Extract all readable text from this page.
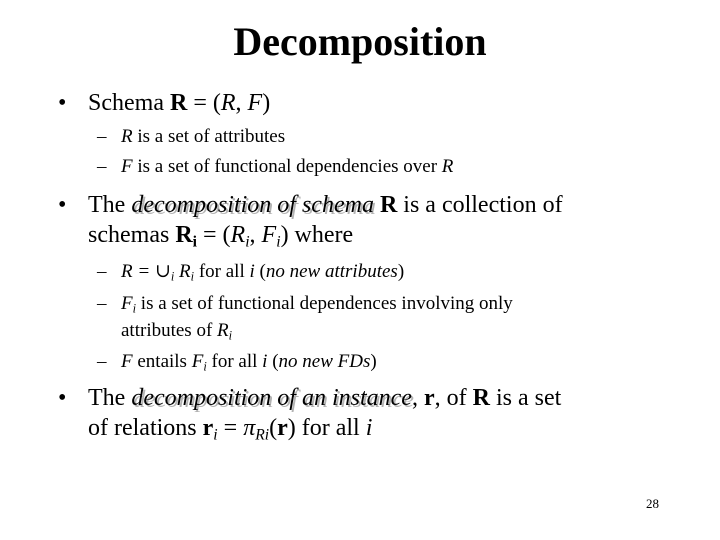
Decomposition
• Schema R = (R, F)
– R is a set of attributes
– F is a set of functional dependencies over R
• The decomposition of schema R is a collection of
schemas $R_i = (R_i$, $F_i$) where
– $R = \cup_i$ $R_i$ for all i (no new attributes)
– $F_i$ is a set of functional dependences involving only
attributes of $R_i$
– F entails $F_i$ for all i (no new FDs)
• The decomposition of an instance, r, of R is a set
of relations $r_i = \pi_{Ri}(r)$ for all i
28
